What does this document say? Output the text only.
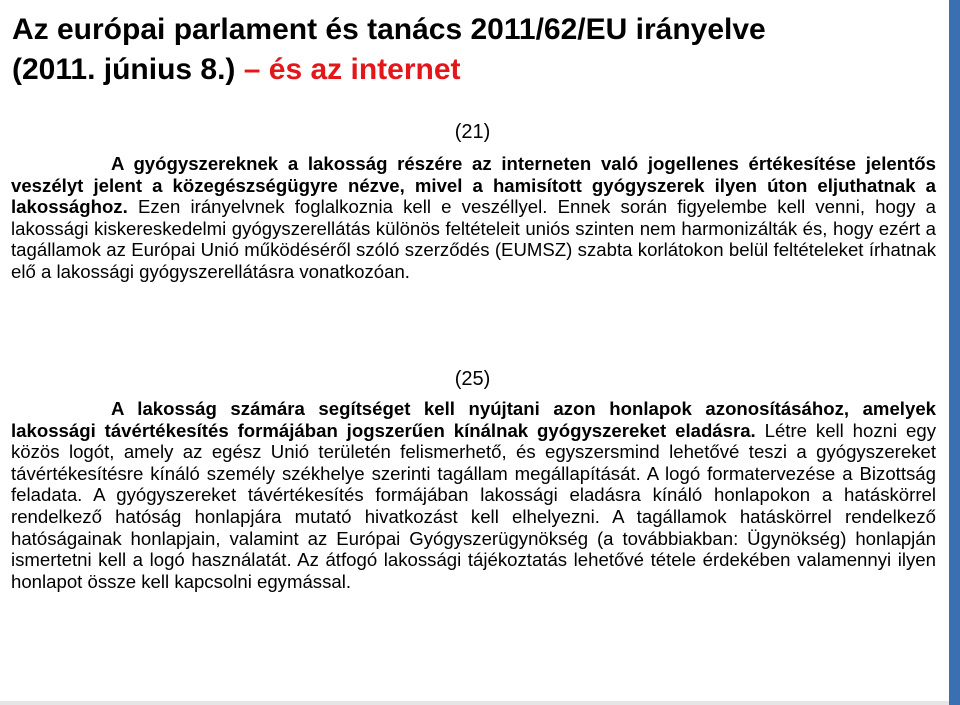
Az európai parlament és tanács 2011/62/EU irányelve
(2011. június 8.) – és az internet
(21)
A gyógyszereknek a lakosság részére az interneten való jogellenes értékesítése jelentős veszélyt jelent a közegészségügyre nézve, mivel a hamisított gyógyszerek ilyen úton eljuthatnak a lakossághoz. Ezen irányelvnek foglalkoznia kell e veszéllyel. Ennek során figyelembe kell venni, hogy a lakossági kiskereskedelmi gyógyszerellátás különös feltételeit uniós szinten nem harmonizálták és, hogy ezért a tagállamok az Európai Unió működéséről szóló szerződés (EUMSZ) szabta korlátokon belül feltételeket írhatnak elő a lakossági gyógyszerellátásra vonatkozóan.
(25)
A lakosság számára segítséget kell nyújtani azon honlapok azonosításához, amelyek lakossági távértékesítés formájában jogszerűen kínálnak gyógyszereket eladásra. Létre kell hozni egy közös logót, amely az egész Unió területén felismerhető, és egyszersmind lehetővé teszi a gyógyszereket távértékesítésre kínáló személy székhelye szerinti tagállam megállapítását. A logó formatervezése a Bizottság feladata. A gyógyszereket távértékesítés formájában lakossági eladásra kínáló honlapokon a hatáskörrel rendelkező hatóság honlapjára mutató hivatkozást kell elhelyezni. A tagállamok hatáskörrel rendelkező hatóságainak honlapjain, valamint az Európai Gyógyszerügynökség (a továbbiakban: Ügynökség) honlapján ismertetni kell a logó használatát. Az átfogó lakossági tájékoztatás lehetővé tétele érdekében valamennyi ilyen honlapot össze kell kapcsolni egymással.
